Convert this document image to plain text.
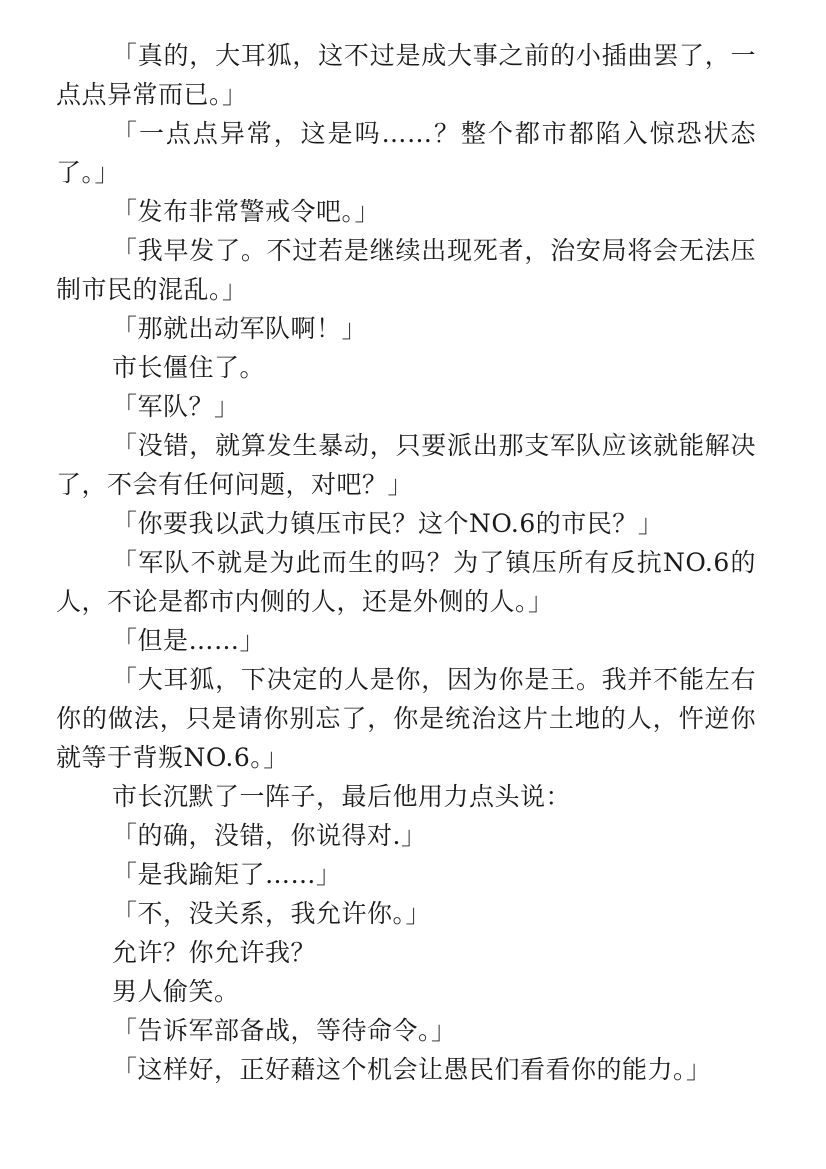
「真的，大耳狐，这不过是成大事之前的小插曲罢了，一点点异常而已。」

「一点点异常，这是吗……？整个都市都陷入惊恐状态了。」

「发布非常警戒令吧。」

「我早发了。不过若是继续出现死者，治安局将会无法压制市民的混乱。」

「那就出动军队啊！」

市长僵住了。

「军队？」

「没错，就算发生暴动，只要派出那支军队应该就能解决了，不会有任何问题，对吧？」

「你要我以武力镇压市民？这个NO.6的市民？」

「军队不就是为此而生的吗？为了镇压所有反抗NO.6的人，不论是都市内侧的人，还是外侧的人。」

「但是……」

「大耳狐，下决定的人是你，因为你是王。我并不能左右你的做法，只是请你别忘了，你是统治这片土地的人，忤逆你就等于背叛NO.6。」

市长沉默了一阵子，最后他用力点头说：

「的确，没错，你说得对.」

「是我踰矩了……」

「不，没关系，我允许你。」

允许？你允许我？

男人偷笑。

「告诉军部备战，等待命令。」

「这样好，正好藉这个机会让愚民们看看你的能力。」
